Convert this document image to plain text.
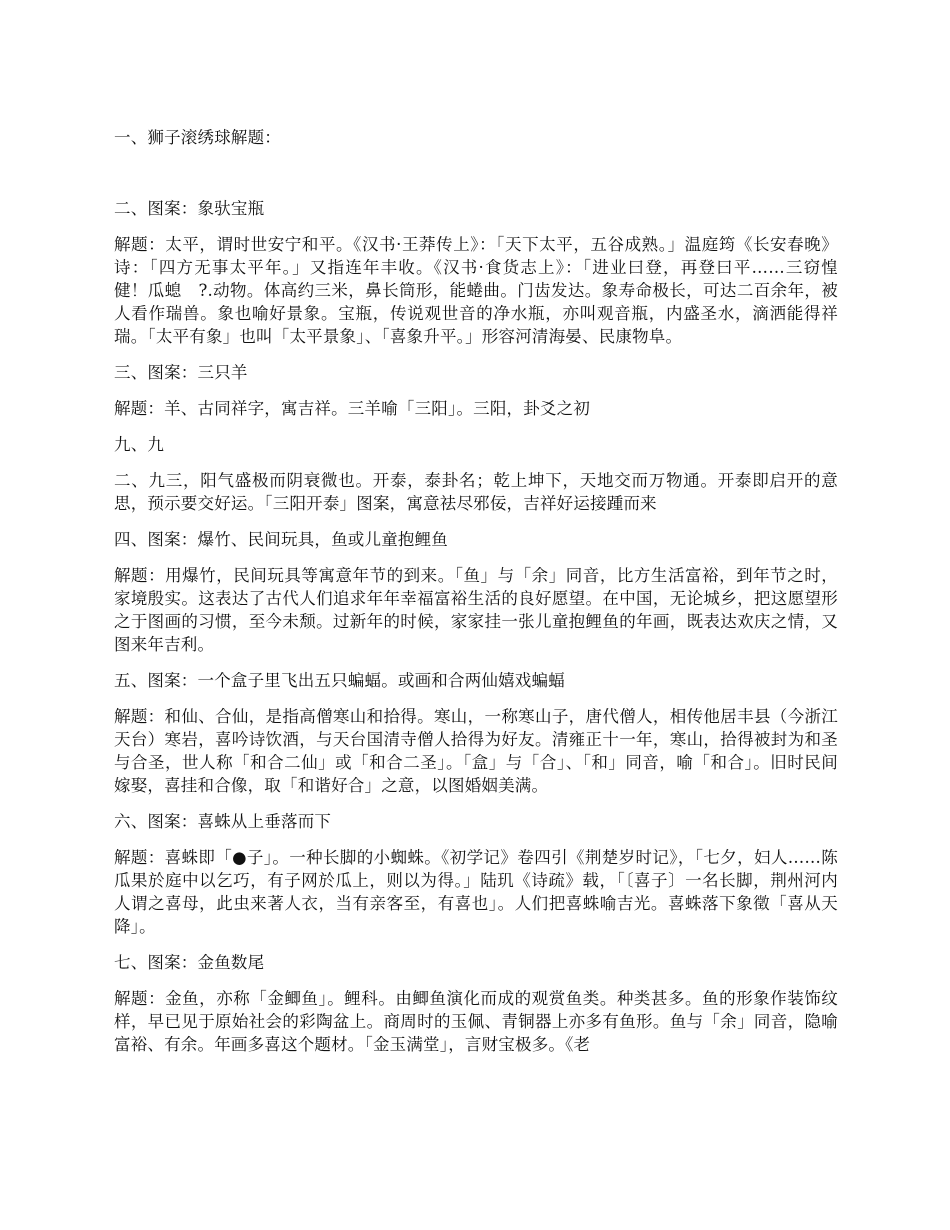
一、狮子滚绣球解题：

二、图案：象驮宝瓶

解题：太平，谓时世安宁和平。《汉书·王莽传上》：「天下太平，五谷成熟。」温庭筠《长安春晚》诗：「四方无事太平年。」又指连年丰收。《汉书·食货志上》：「进业曰登，再登曰平……三窃惶　健！瓜螅　?.动物。体高约三米，鼻长筒形，能蜷曲。门齿发达。象寿命极长，可达二百余年，被人看作瑞兽。象也喻好景象。宝瓶，传说观世音的净水瓶，亦叫观音瓶，内盛圣水，滴洒能得祥瑞。「太平有象」也叫「太平景象」、「喜象升平。」形容河清海晏、民康物阜。

三、图案：三只羊

解题：羊、古同祥字，寓吉祥。三羊喻「三阳」。三阳，卦爻之初

九、九

二、九三，阳气盛极而阴衰微也。开泰，泰卦名；乾上坤下，天地交而万物通。开泰即启开的意思，预示要交好运。「三阳开泰」图案，寓意祛尽邪佞，吉祥好运接踵而来

四、图案：爆竹、民间玩具，鱼或儿童抱鲤鱼

解题：用爆竹，民间玩具等寓意年节的到来。「鱼」与「余」同音，比方生活富裕，到年节之时，家境殷实。这表达了古代人们追求年年幸福富裕生活的良好愿望。在中国，无论城乡，把这愿望形之于图画的习惯，至今未颓。过新年的时候，家家挂一张儿童抱鲤鱼的年画，既表达欢庆之情，又图来年吉利。

五、图案：一个盒子里飞出五只蝙蝠。或画和合两仙嬉戏蝙蝠

解题：和仙、合仙，是指高僧寒山和拾得。寒山，一称寒山子，唐代僧人，相传他居丰县（今浙江天台）寒岩，喜吟诗饮酒，与天台国清寺僧人拾得为好友。清雍正十一年，寒山，拾得被封为和圣与合圣，世人称「和合二仙」或「和合二圣」。「盒」与「合」、「和」同音，喻「和合」。旧时民间嫁娶，喜挂和合像，取「和谐好合」之意，以图婚姻美满。

六、图案：喜蛛从上垂落而下

解题：喜蛛即「●子」。一种长脚的小蜘蛛。《初学记》卷四引《荆楚岁时记》，「七夕，妇人……陈瓜果於庭中以乞巧，有子网於瓜上，则以为得。」陆玑《诗疏》载，「〔喜子〕一名长脚，荆州河内人谓之喜母，此虫来著人衣，当有亲客至，有喜也」。人们把喜蛛喻吉光。喜蛛落下象徵「喜从天降」。

七、图案：金鱼数尾

解题：金鱼，亦称「金鲫鱼」。鲤科。由鲫鱼演化而成的观赏鱼类。种类甚多。鱼的形象作装饰纹样，早已见于原始社会的彩陶盆上。商周时的玉佩、青铜器上亦多有鱼形。鱼与「余」同音，隐喻富裕、有余。年画多喜这个题材。「金玉满堂」，言财宝极多。《老
